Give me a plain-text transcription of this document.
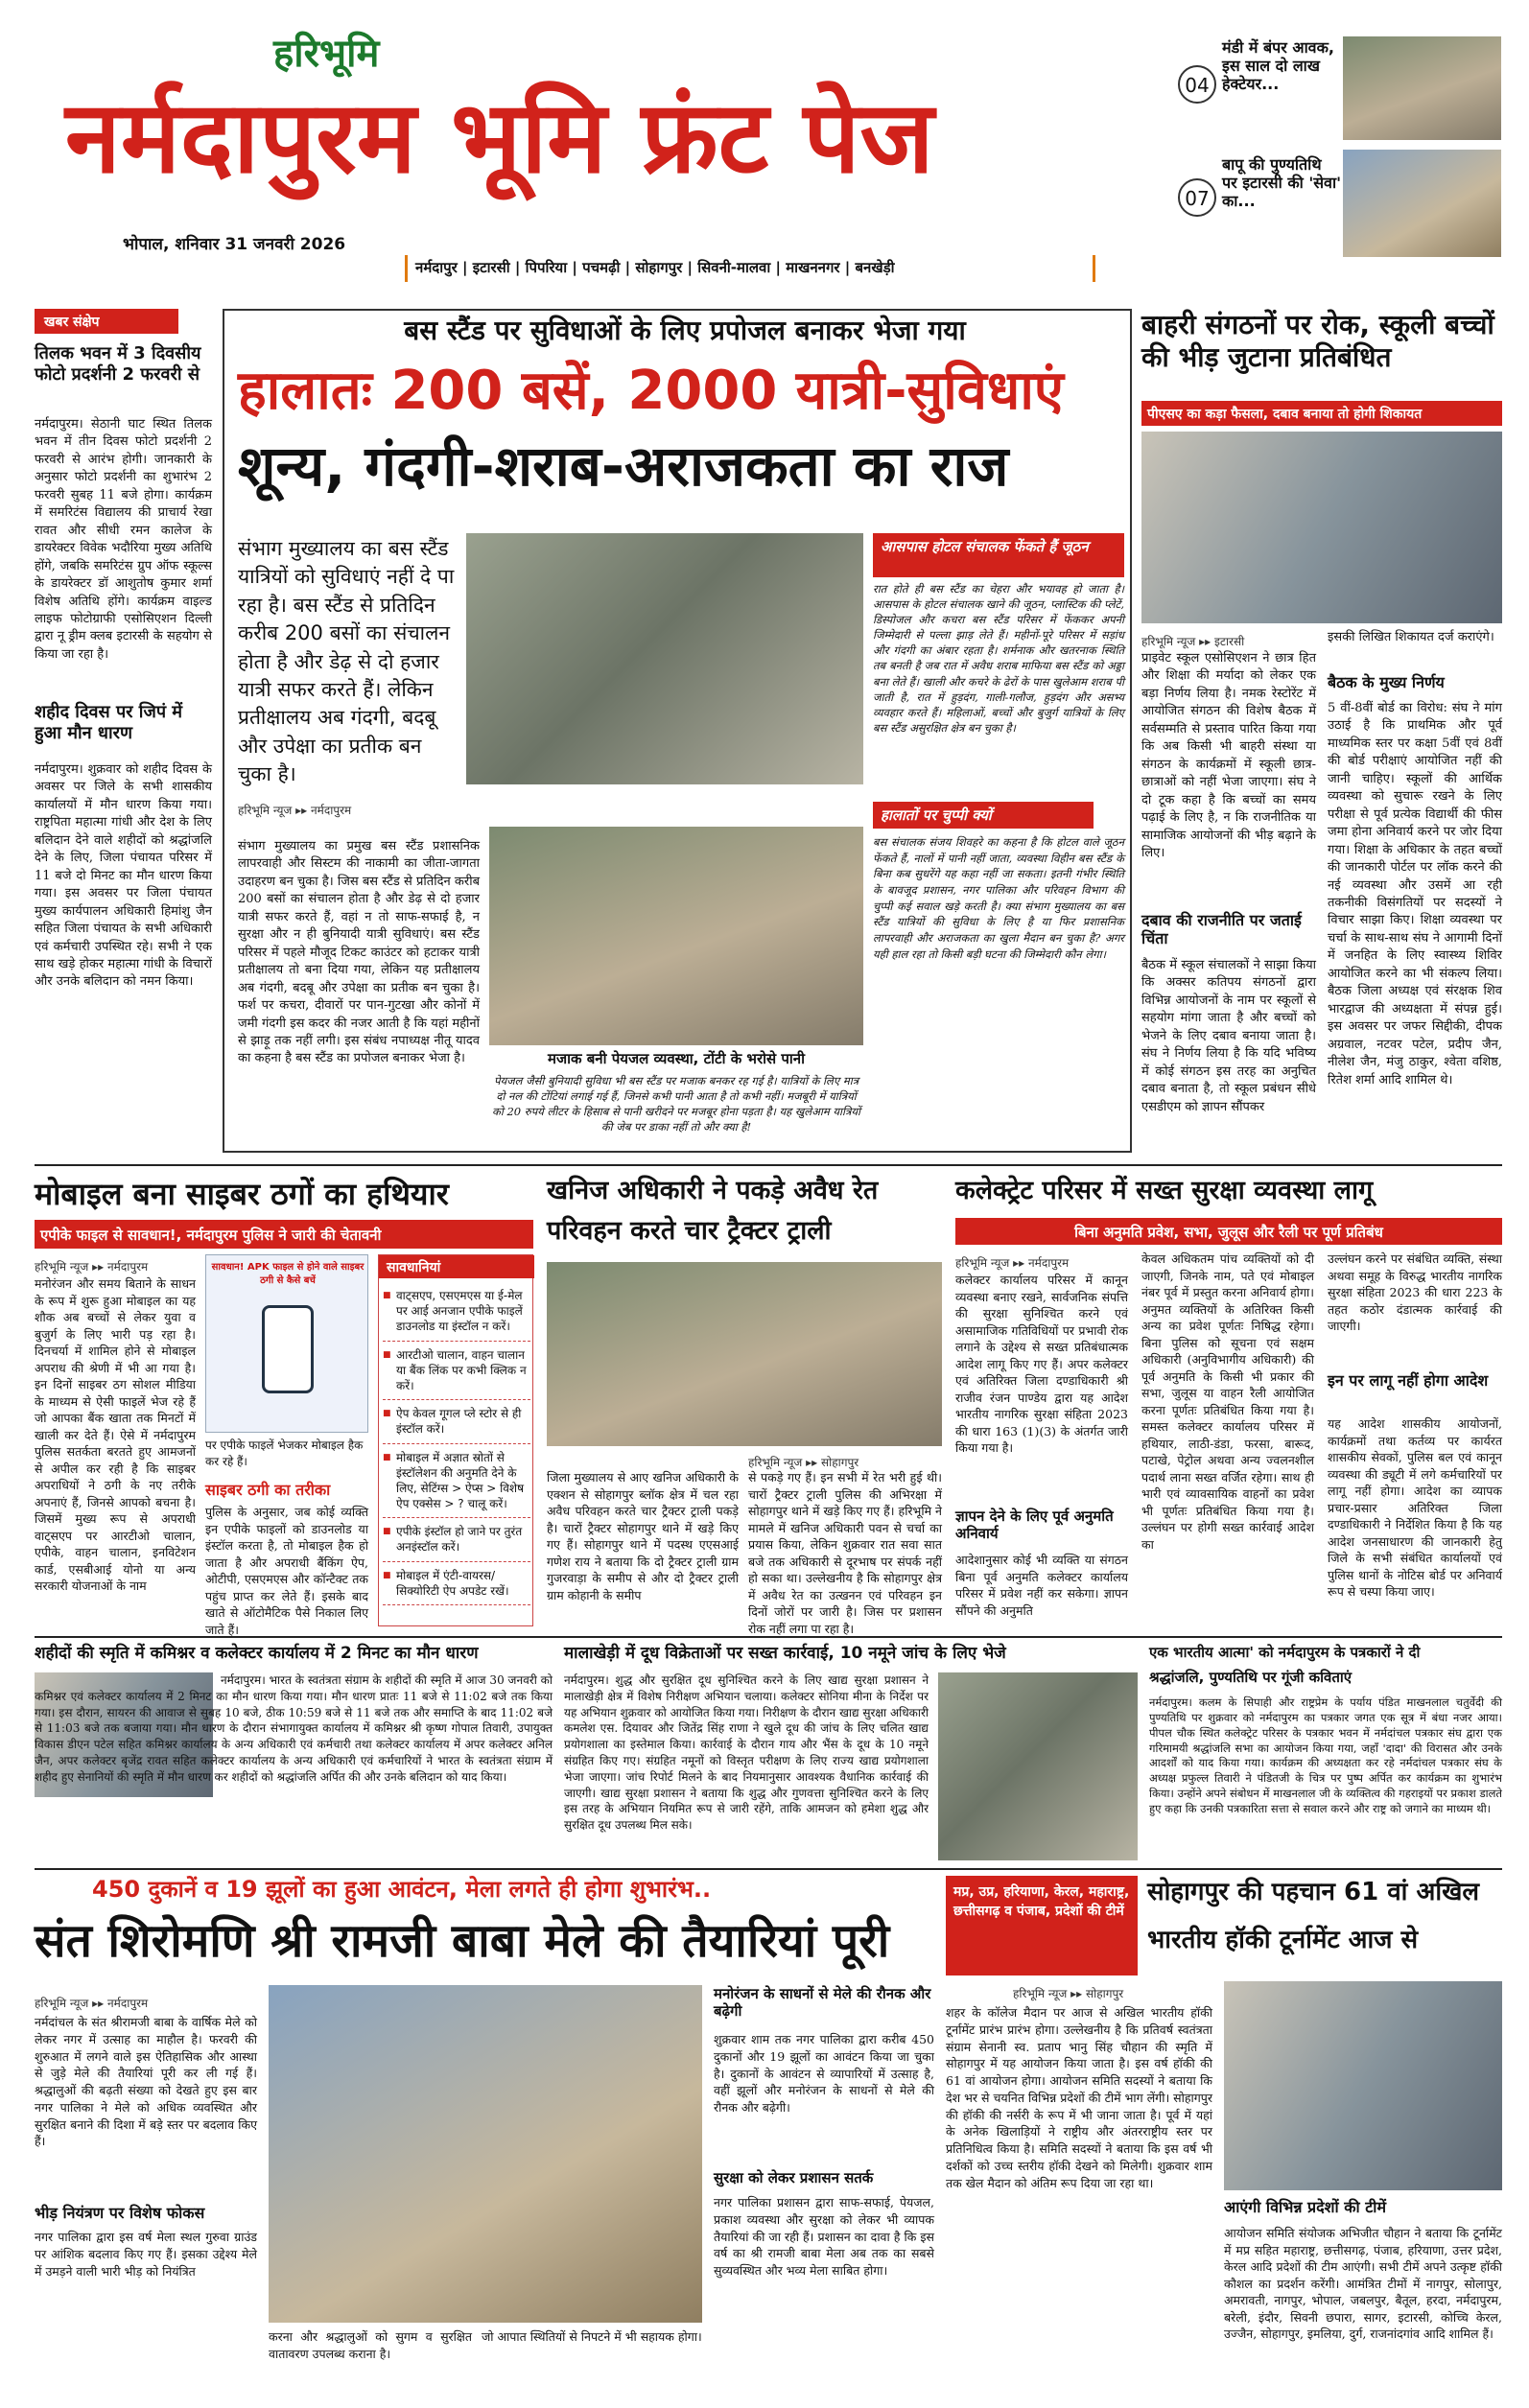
हरिभूमि
नर्मदापुरम भूमि फ्रंट पेज
भोपाल, शनिवार 31 जनवरी 2026
नर्मदापुर | इटारसी | पिपरिया | पचमढ़ी | सोहागपुर | सिवनी-मालवा | माखननगर | बनखेड़ी
04
मंडी में बंपर आवक, इस साल दो लाख हेक्टेयर...
07
बापू की पुण्यतिथि पर इटारसी की 'सेवा' का...
खबर संक्षेप
तिलक भवन में 3 दिवसीय फोटो प्रदर्शनी 2 फरवरी से
नर्मदापुरम। सेठानी घाट स्थित तिलक भवन में तीन दिवस फोटो प्रदर्शनी 2 फरवरी से आरंभ होगी। जानकारी के अनुसार फोटो प्रदर्शनी का शुभारंभ 2 फरवरी सुबह 11 बजे होगा। कार्यक्रम में समरिटंस विद्यालय की प्राचार्य रेखा रावत और सीधी रमन कालेज के डायरेक्टर विवेक भदौरिया मुख्य अतिथि होंगे, जबकि समरिटंस ग्रुप ऑफ स्कूल्स के डायरेक्टर डॉ आशुतोष कुमार शर्मा विशेष अतिथि होंगे। कार्यक्रम वाइल्ड लाइफ फोटोग्राफी एसोसिएशन दिल्ली द्वारा नू ड्रीम क्लब इटारसी के सहयोग से किया जा रहा है।
शहीद दिवस पर जिपं में हुआ मौन धारण
नर्मदापुरम। शुक्रवार को शहीद दिवस के अवसर पर जिले के सभी शासकीय कार्यालयों में मौन धारण किया गया। राष्ट्रपिता महात्मा गांधी और देश के लिए बलिदान देने वाले शहीदों को श्रद्धांजलि देने के लिए, जिला पंचायत परिसर में 11 बजे दो मिनट का मौन धारण किया गया। इस अवसर पर जिला पंचायत मुख्य कार्यपालन अधिकारी हिमांशु जैन सहित जिला पंचायत के सभी अधिकारी एवं कर्मचारी उपस्थित रहे। सभी ने एक साथ खड़े होकर महात्मा गांधी के विचारों और उनके बलिदान को नमन किया।
बस स्टैंड पर सुविधाओं के लिए प्रपोजल बनाकर भेजा गया
हालातः 200 बसें, 2000 यात्री-सुविधाएं
शून्य, गंदगी-शराब-अराजकता का राज
संभाग मुख्यालय का बस स्टैंड यात्रियों को सुविधाएं नहीं दे पा रहा है। बस स्टैंड से प्रतिदिन करीब 200 बसों का संचालन होता है और डेढ़ से दो हजार यात्री सफर करते हैं। लेकिन प्रतीक्षालय अब गंदगी, बदबू और उपेक्षा का प्रतीक बन चुका है।
हरिभूमि न्यूज ▸▸ नर्मदापुरम
आसपास होटल संचालक फेंकते हैं जूठन
रात होते ही बस स्टैंड का चेहरा और भयावह हो जाता है। आसपास के होटल संचालक खाने की जूठन, प्लास्टिक की प्लेटें, डिस्पोजल और कचरा बस स्टैंड परिसर में फेंककर अपनी जिम्मेदारी से पल्ला झाड़ लेते हैं। महीनों-पूरे परिसर में सड़ांध और गंदगी का अंबार रहता है। शर्मनाक और खतरनाक स्थिति तब बनती है जब रात में अवैध शराब माफिया बस स्टैंड को अड्डा बना लेते हैं। खाली और कचरे के ढेरों के पास खुलेआम शराब पी जाती है, रात में हुड़दंग, गाली-गलौज, हुड़दंग और असभ्य व्यवहार करते हैं। महिलाओं, बच्चों और बुजुर्ग यात्रियों के लिए बस स्टैंड असुरक्षित क्षेत्र बन चुका है।
हालातों पर चुप्पी क्यों
बस संचालक संजय शिवहरे का कहना है कि होटल वाले जूठन फेंकते हैं, नालों में पानी नहीं जाता, व्यवस्था विहीन बस स्टैंड के बिना कब सुधरेंगे यह कहा नहीं जा सकता। इतनी गंभीर स्थिति के बावजूद प्रशासन, नगर पालिका और परिवहन विभाग की चुप्पी कई सवाल खड़े करती है। क्या संभाग मुख्यालय का बस स्टैंड यात्रियों की सुविधा के लिए है या फिर प्रशासनिक लापरवाही और अराजकता का खुला मैदान बन चुका है? अगर यही हाल रहा तो किसी बड़ी घटना की जिम्मेदारी कौन लेगा।
संभाग मुख्यालय का प्रमुख बस स्टैंड प्रशासनिक लापरवाही और सिस्टम की नाकामी का जीता-जागता उदाहरण बन चुका है। जिस बस स्टैंड से प्रतिदिन करीब 200 बसों का संचालन होता है और डेढ़ से दो हजार यात्री सफर करते हैं, वहां न तो साफ-सफाई है, न सुरक्षा और न ही बुनियादी यात्री सुविधाएं। बस स्टैंड परिसर में पहले मौजूद टिकट काउंटर को हटाकर यात्री प्रतीक्षालय तो बना दिया गया, लेकिन यह प्रतीक्षालय अब गंदगी, बदबू और उपेक्षा का प्रतीक बन चुका है। फर्श पर कचरा, दीवारों पर पान-गुटखा और कोनों में जमी गंदगी इस कदर की नजर आती है कि यहां महीनों से झाड़ू तक नहीं लगी। इस संबंध नपाध्यक्ष नीतू यादव का कहना है बस स्टैंड का प्रपोजल बनाकर भेजा है।	मजाक बनी पेयजल व्यवस्था, टोंटी के भरोसे पानी
पेयजल जैसी बुनियादी सुविधा भी बस स्टैंड पर मजाक बनकर रह गई है। यात्रियों के लिए मात्र दो नल की टोंटियां लगाई गई हैं, जिनसे कभी पानी आता है तो कभी नहीं। मजबूरी में यात्रियों को 20 रुपये लीटर के हिसाब से पानी खरीदने पर मजबूर होना पड़ता है। यह खुलेआम यात्रियों की जेब पर डाका नहीं तो और क्या है!
बाहरी संगठनों पर रोक, स्कूली बच्चों की भीड़ जुटाना प्रतिबंधित
पीएसए का कड़ा फैसला, दबाव बनाया तो होगी शिकायत
हरिभूमि न्यूज ▸▸ इटारसी
प्राइवेट स्कूल एसोसिएशन ने छात्र हित और शिक्षा की मर्यादा को लेकर एक बड़ा निर्णय लिया है। नमक रेस्टोरेंट में आयोजित संगठन की विशेष बैठक में सर्वसम्मति से प्रस्ताव पारित किया गया कि अब किसी भी बाहरी संस्था या संगठन के कार्यक्रमों में स्कूली छात्र-छात्राओं को नहीं भेजा जाएगा। संघ ने दो टूक कहा है कि बच्चों का समय पढ़ाई के लिए है, न कि राजनीतिक या सामाजिक आयोजनों की भीड़ बढ़ाने के लिए।
दबाव की राजनीति पर जताई चिंता
बैठक में स्कूल संचालकों ने साझा किया कि अक्सर कतिपय संगठनों द्वारा विभिन्न आयोजनों के नाम पर स्कूलों से सहयोग मांगा जाता है और बच्चों को भेजने के लिए दबाव बनाया जाता है। संघ ने निर्णय लिया है कि यदि भविष्य में कोई संगठन इस तरह का अनुचित दबाव बनाता है, तो स्कूल प्रबंधन सीधे एसडीएम को ज्ञापन सौंपकर
इसकी लिखित शिकायत दर्ज कराएंगे।
बैठक के मुख्य निर्णय
5 वीं-8वीं बोर्ड का विरोध: संघ ने मांग उठाई है कि प्राथमिक और पूर्व माध्यमिक स्तर पर कक्षा 5वीं एवं 8वीं की बोर्ड परीक्षाएं आयोजित नहीं की जानी चाहिए। स्कूलों की आर्थिक व्यवस्था को सुचारू रखने के लिए परीक्षा से पूर्व प्रत्येक विद्यार्थी की फीस जमा होना अनिवार्य करने पर जोर दिया गया। शिक्षा के अधिकार के तहत बच्चों की जानकारी पोर्टल पर लॉक करने की नई व्यवस्था और उसमें आ रही तकनीकी विसंगतियों पर सदस्यों ने विचार साझा किए। शिक्षा व्यवस्था पर चर्चा के साथ-साथ संघ ने आगामी दिनों में जनहित के लिए स्वास्थ्य शिविर आयोजित करने का भी संकल्प लिया। बैठक जिला अध्यक्ष एवं संरक्षक शिव भारद्वाज की अध्यक्षता में संपन्न हुई। इस अवसर पर जफर सिद्दीकी, दीपक अग्रवाल, नटवर पटेल, प्रदीप जैन, नीलेश जैन, मंजु ठाकुर, श्वेता वशिष्ठ, रितेश शर्मा आदि शामिल थे।
मोबाइल बना साइबर ठगों का हथियार
एपीके फाइल से सावधान!, नर्मदापुरम पुलिस ने जारी की चेतावनी
हरिभूमि न्यूज ▸▸ नर्मदापुरम
मनोरंजन और समय बिताने के साधन के रूप में शुरू हुआ मोबाइल का यह शौक अब बच्चों से लेकर युवा व बुजुर्ग के लिए भारी पड़ रहा है। दिनचर्या में शामिल होने से मोबाइल अपराध की श्रेणी में भी आ गया है। इन दिनों साइबर ठग सोशल मीडिया के माध्यम से ऐसी फाइलें भेज रहे हैं जो आपका बैंक खाता तक मिनटों में खाली कर देते हैं। ऐसे में नर्मदापुरम पुलिस सतर्कता बरतते हुए आमजनों से अपील कर रही है कि साइबर अपराधियों ने ठगी के नए तरीके अपनाएं हैं, जिनसे आपको बचना है। जिसमें मुख्य रूप से अपराधी वाट्सएप पर आरटीओ चालान, एपीके, वाहन चालान, इनविटेशन कार्ड, एसबीआई योनो या अन्य सरकारी योजनाओं के नाम
सावधान! APK फाइल से होने वाले साइबर ठगी से कैसे बचें
पर एपीके फाइलें भेजकर मोबाइल हैक कर रहे हैं।
साइबर ठगी का तरीका
पुलिस के अनुसार, जब कोई व्यक्ति इन एपीके फाइलों को डाउनलोड या इंस्टॉल करता है, तो मोबाइल हैक हो जाता है और अपराधी बैंकिंग ऐप, ओटीपी, एसएमएस और कॉन्टैक्ट तक पहुंच प्राप्त कर लेते हैं। इसके बाद खाते से ऑटोमैटिक पैसे निकाल लिए जाते हैं।
सावधानियां
■ वाट्सएप, एसएमएस या ई-मेल पर आई अनजान एपीके फाइलें डाउनलोड या इंस्टॉल न करें।
■ आरटीओ चालान, वाहन चालान या बैंक लिंक पर कभी क्लिक न करें।
■ ऐप केवल गूगल प्ले स्टोर से ही इंस्टॉल करें।
■ मोबाइल में अज्ञात स्रोतों से इंस्टॉलेशन की अनुमति देने के लिए, सेटिंग्स > ऐप्स > विशेष ऐप एक्सेस > ? चालू करें।
■ एपीके इंस्टॉल हो जाने पर तुरंत अनइंस्टॉल करें।
■ मोबाइल में एंटी-वायरस/सिक्योरिटी ऐप अपडेट रखें।
खनिज अधिकारी ने पकड़े अवैध रेत
परिवहन करते चार ट्रैक्टर ट्राली
हरिभूमि न्यूज ▸▸ सोहागपुर
जिला मुख्यालय से आए खनिज अधिकारी के एक्शन से सोहागपुर ब्लॉक क्षेत्र में चल रहा अवैध परिवहन करते चार ट्रैक्टर ट्राली पकड़े है। चारों ट्रैक्टर सोहागपुर थाने में खड़े किए गए हैं। सोहागपुर थाने में पदस्थ एएसआई गणेश राय ने बताया कि दो ट्रैक्टर ट्राली ग्राम गुजरवाड़ा के समीप से और दो ट्रैक्टर ट्राली ग्राम कोहानी के समीप
से पकड़े गए हैं। इन सभी में रेत भरी हुई थी। चारों ट्रैक्टर ट्राली पुलिस की अभिरक्षा में सोहागपुर थाने में खड़े किए गए हैं। हरिभूमि ने मामले में खनिज अधिकारी पवन से चर्चा का प्रयास किया, लेकिन शुक्रवार रात सवा सात बजे तक अधिकारी से दूरभाष पर संपर्क नहीं हो सका था। उल्लेखनीय है कि सोहागपुर क्षेत्र में अवैध रेत का उत्खनन एवं परिवहन इन दिनों जोरों पर जारी है। जिस पर प्रशासन रोक नहीं लगा पा रहा है।
कलेक्ट्रेट परिसर में सख्त सुरक्षा व्यवस्था लागू
बिना अनुमति प्रवेश, सभा, जुलूस और रैली पर पूर्ण प्रतिबंध
हरिभूमि न्यूज ▸▸ नर्मदापुरम
कलेक्टर कार्यालय परिसर में कानून व्यवस्था बनाए रखने, सार्वजनिक संपत्ति की सुरक्षा सुनिश्चित करने एवं असामाजिक गतिविधियों पर प्रभावी रोक लगाने के उद्देश्य से सख्त प्रतिबंधात्मक आदेश लागू किए गए हैं। अपर कलेक्टर एवं अतिरिक्त जिला दण्डाधिकारी श्री राजीव रंजन पाण्डेय द्वारा यह आदेश भारतीय नागरिक सुरक्षा संहिता 2023 की धारा 163 (1)(3) के अंतर्गत जारी किया गया है।
ज्ञापन देने के लिए पूर्व अनुमति अनिवार्य
आदेशानुसार कोई भी व्यक्ति या संगठन बिना पूर्व अनुमति कलेक्टर कार्यालय परिसर में प्रवेश नहीं कर सकेगा। ज्ञापन सौंपने की अनुमति
केवल अधिकतम पांच व्यक्तियों को दी जाएगी, जिनके नाम, पते एवं मोबाइल नंबर पूर्व में प्रस्तुत करना अनिवार्य होगा। अनुमत व्यक्तियों के अतिरिक्त किसी अन्य का प्रवेश पूर्णतः निषिद्ध रहेगा। बिना पुलिस को सूचना एवं सक्षम अधिकारी (अनुविभागीय अधिकारी) की पूर्व अनुमति के किसी भी प्रकार की सभा, जुलूस या वाहन रैली आयोजित करना पूर्णतः प्रतिबंधित किया गया है। समस्त कलेक्टर कार्यालय परिसर में हथियार, लाठी-डंडा, फरसा, बारूद, पटाखे, पेट्रोल अथवा अन्य ज्वलनशील पदार्थ लाना सख्त वर्जित रहेगा। साथ ही भारी एवं व्यावसायिक वाहनों का प्रवेश भी पूर्णतः प्रतिबंधित किया गया है। उल्लंघन पर होगी सख्त कार्रवाई आदेश का
उल्लंघन करने पर संबंधित व्यक्ति, संस्था अथवा समूह के विरुद्ध भारतीय नागरिक सुरक्षा संहिता 2023 की धारा 223 के तहत कठोर दंडात्मक कार्रवाई की जाएगी।
इन पर लागू नहीं होगा आदेश
यह आदेश शासकीय आयोजनों, कार्यक्रमों तथा कर्तव्य पर कार्यरत शासकीय सेवकों, पुलिस बल एवं कानून व्यवस्था की ड्यूटी में लगे कर्मचारियों पर लागू नहीं होगा। आदेश का व्यापक प्रचार-प्रसार अतिरिक्त जिला दण्डाधिकारी ने निर्देशित किया है कि यह आदेश जनसाधारण की जानकारी हेतु जिले के सभी संबंधित कार्यालयों एवं पुलिस थानों के नोटिस बोर्ड पर अनिवार्य रूप से चस्पा किया जाए।
शहीदों की स्मृति में कमिश्नर व कलेक्टर कार्यालय में 2 मिनट का मौन धारण
नर्मदापुरम। भारत के स्वतंत्रता संग्राम के शहीदों की स्मृति में आज 30 जनवरी को कमिश्नर एवं कलेक्टर कार्यालय में 2 मिनट का मौन धारण किया गया। मौन धारण प्रातः 11 बजे से 11:02 बजे तक किया गया। इस दौरान, सायरन की आवाज से सुबह 10 बजे, ठीक 10:59 बजे से 11 बजे तक और समाप्ति के बाद 11:02 बजे से 11:03 बजे तक बजाया गया। मौन धारण के दौरान संभागायुक्त कार्यालय में कमिश्नर श्री कृष्ण गोपाल तिवारी, उपायुक्त विकास डीएन पटेल सहित कमिश्नर कार्यालय के अन्य अधिकारी एवं कर्मचारी तथा कलेक्टर कार्यालय में अपर कलेक्टर अनिल जैन, अपर कलेक्टर बृजेंद्र रावत सहित कलेक्टर कार्यालय के अन्य अधिकारी एवं कर्मचारियों ने भारत के स्वतंत्रता संग्राम में शहीद हुए सेनानियों की स्मृति में मौन धारण कर शहीदों को श्रद्धांजलि अर्पित की और उनके बलिदान को याद किया।
मालाखेड़ी में दूध विक्रेताओं पर सख्त कार्रवाई, 10 नमूने जांच के लिए भेजे
नर्मदापुरम। शुद्ध और सुरक्षित दूध सुनिश्चित करने के लिए खाद्य सुरक्षा प्रशासन ने मालाखेड़ी क्षेत्र में विशेष निरीक्षण अभियान चलाया। कलेक्टर सोनिया मीना के निर्देश पर यह अभियान शुक्रवार को आयोजित किया गया। निरीक्षण के दौरान खाद्य सुरक्षा अधिकारी कमलेश एस. दियावर और जितेंद्र सिंह राणा ने खुले दूध की जांच के लिए चलित खाद्य प्रयोगशाला का इस्तेमाल किया। कार्रवाई के दौरान गाय और भैंस के दूध के 10 नमूने संग्रहित किए गए। संग्रहित नमूनों को विस्तृत परीक्षण के लिए राज्य खाद्य प्रयोगशाला भेजा जाएगा। जांच रिपोर्ट मिलने के बाद नियमानुसार आवश्यक वैधानिक कार्रवाई की जाएगी। खाद्य सुरक्षा प्रशासन ने बताया कि शुद्ध और गुणवत्ता सुनिश्चित करने के लिए इस तरह के अभियान नियमित रूप से जारी रहेंगे, ताकि आमजन को हमेशा शुद्ध और सुरक्षित दूध उपलब्ध मिल सके।
एक भारतीय आत्मा' को नर्मदापुरम के पत्रकारों ने दी
श्रद्धांजलि, पुण्यतिथि पर गूंजी कविताएं
नर्मदापुरम। कलम के सिपाही और राष्ट्रप्रेम के पर्याय पंडित माखनलाल चतुर्वेदी की पुण्यतिथि पर शुक्रवार को नर्मदापुरम का पत्रकार जगत एक सूत्र में बंधा नजर आया। पीपल चौक स्थित कलेक्ट्रेट परिसर के पत्रकार भवन में नर्मदांचल पत्रकार संघ द्वारा एक गरिमामयी श्रद्धांजलि सभा का आयोजन किया गया, जहाँ 'दादा' की विरासत और उनके आदर्शों को याद किया गया। कार्यक्रम की अध्यक्षता कर रहे नर्मदांचल पत्रकार संघ के अध्यक्ष प्रफुल्ल तिवारी ने पंडितजी के चित्र पर पुष्प अर्पित कर कार्यक्रम का शुभारंभ किया। उन्होंने अपने संबोधन में माखनलाल जी के व्यक्तित्व की गहराइयों पर प्रकाश डालते हुए कहा कि उनकी पत्रकारिता सत्ता से सवाल करने और राष्ट्र को जगाने का माध्यम थी।
450 दुकानें व 19 झूलों का हुआ आवंटन, मेला लगते ही होगा शुभारंभ..
संत शिरोमणि श्री रामजी बाबा मेले की तैयारियां पूरी
हरिभूमि न्यूज ▸▸ नर्मदापुरम
नर्मदांचल के संत श्रीरामजी बाबा के वार्षिक मेले को लेकर नगर में उत्साह का माहौल है। फरवरी की शुरुआत में लगने वाले इस ऐतिहासिक और आस्था से जुड़े मेले की तैयारियां पूरी कर ली गई हैं। श्रद्धालुओं की बढ़ती संख्या को देखते हुए इस बार नगर पालिका ने मेले को अधिक व्यवस्थित और सुरक्षित बनाने की दिशा में बड़े स्तर पर बदलाव किए हैं।
भीड़ नियंत्रण पर विशेष फोकस
नगर पालिका द्वारा इस वर्ष मेला स्थल गुरुवा ग्राउंड पर आंशिक बदलाव किए गए हैं। इसका उद्देश्य मेले में उमड़ने वाली भारी भीड़ को नियंत्रित
करना और श्रद्धालुओं को सुगम व सुरक्षित वातावरण उपलब्ध कराना है।
जो आपात स्थितियों से निपटने में भी सहायक होगा।
मनोरंजन के साधनों से मेले की रौनक और बढ़ेगी
शुक्रवार शाम तक नगर पालिका द्वारा करीब 450 दुकानों और 19 झूलों का आवंटन किया जा चुका है। दुकानों के आवंटन से व्यापारियों में उत्साह है, वहीं झूलों और मनोरंजन के साधनों से मेले की रौनक और बढ़ेगी।
सुरक्षा को लेकर प्रशासन सतर्क
नगर पालिका प्रशासन द्वारा साफ-सफाई, पेयजल, प्रकाश व्यवस्था और सुरक्षा को लेकर भी व्यापक तैयारियां की जा रही हैं। प्रशासन का दावा है कि इस वर्ष का श्री रामजी बाबा मेला अब तक का सबसे सुव्यवस्थित और भव्य मेला साबित होगा।
मप्र, उप्र, हरियाणा, केरल, महाराष्ट्र, छत्तीसगढ़ व पंजाब, प्रदेशों की टीमें
सोहागपुर की पहचान 61 वां अखिल
भारतीय हॉकी टूर्नामेंट आज से
हरिभूमि न्यूज ▸▸ सोहागपुर
शहर के कॉलेज मैदान पर आज से अखिल भारतीय हॉकी टूर्नामेंट प्रारंभ प्रारंभ होगा। उल्लेखनीय है कि प्रतिवर्ष स्वतंत्रता संग्राम सेनानी स्व. प्रताप भानु सिंह चौहान की स्मृति में सोहागपुर में यह आयोजन किया जाता है। इस वर्ष हॉकी की 61 वां आयोजन होगा। आयोजन समिति सदस्यों ने बताया कि देश भर से चयनित विभिन्न प्रदेशों की टीमें भाग लेंगी। सोहागपुर की हॉकी की नर्सरी के रूप में भी जाना जाता है। पूर्व में यहां के अनेक खिलाड़ियों ने राष्ट्रीय और अंतरराष्ट्रीय स्तर पर प्रतिनिधित्व किया है। समिति सदस्यों ने बताया कि इस वर्ष भी दर्शकों को उच्च स्तरीय हॉकी देखने को मिलेगी। शुक्रवार शाम तक खेल मैदान को अंतिम रूप दिया जा रहा था।
आएंगी विभिन्न प्रदेशों की टीमें
आयोजन समिति संयोजक अभिजीत चौहान ने बताया कि टूर्नामेंट में मप्र सहित महाराष्ट्र, छत्तीसगढ़, पंजाब, हरियाणा, उत्तर प्रदेश, केरल आदि प्रदेशों की टीम आएंगी। सभी टीमें अपने उत्कृष्ट हॉकी कौशल का प्रदर्शन करेंगी। आमंत्रित टीमों में नागपुर, सोलापुर, अमरावती, नागपुर, भोपाल, जबलपुर, बैतूल, हरदा, नर्मदापुरम, बरेली, इंदौर, सिवनी छपारा, सागर, इटारसी, कोच्चि केरल, उज्जैन, सोहागपुर, इमलिया, दुर्ग, राजनांदगांव आदि शामिल हैं।
